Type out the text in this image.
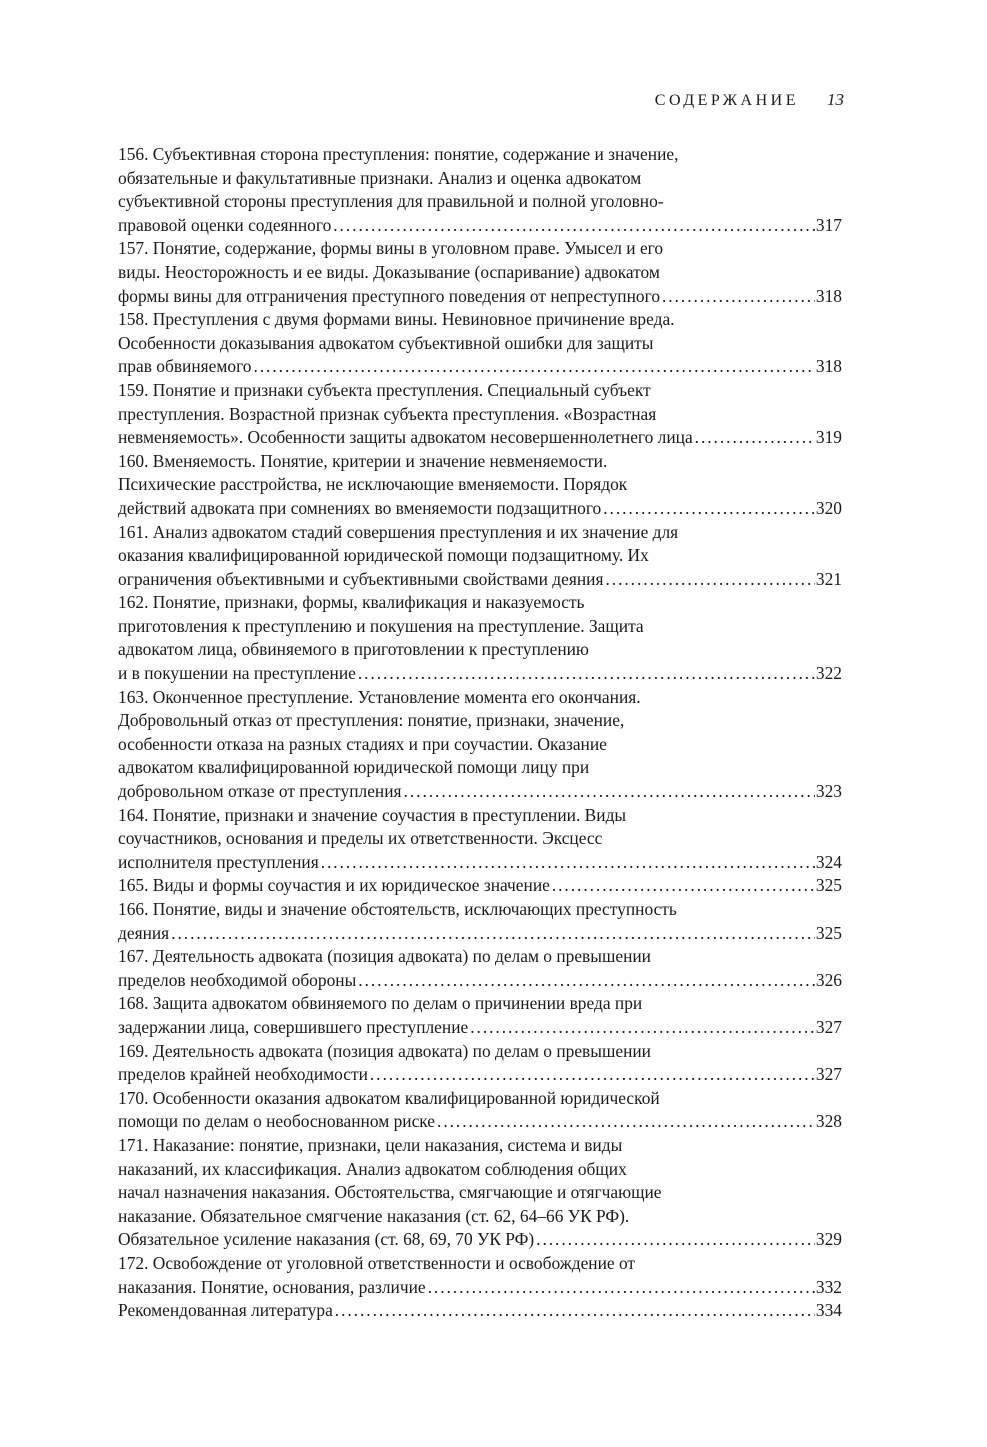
СОДЕРЖАНИЕ 13
156. Субъективная сторона преступления: понятие, содержание и значение,
обязательные и факультативные признаки. Анализ и оценка адвокатом
субъективной стороны преступления для правильной и полной уголовно-
правовой оценки содеянного . . .	317
157. Понятие, содержание, формы вины в уголовном праве. Умысел и его
виды. Неосторожность и ее виды. Доказывание (оспаривание) адвокатом
формы вины для отграничения преступного поведения от непреступного . . .	318
158. Преступления с двумя формами вины. Невиновное причинение вреда.
Особенности доказывания адвокатом субъективной ошибки для защиты
прав обвиняемого . . .	318
159. Понятие и признаки субъекта преступления. Специальный субъект
преступления. Возрастной признак субъекта преступления. «Возрастная
невменяемость». Особенности защиты адвокатом несовершеннолетнего лица . . .	319
160. Вменяемость. Понятие, критерии и значение невменяемости.
Психические расстройства, не исключающие вменяемости. Порядок
действий адвоката при сомнениях во вменяемости подзащитного . . .	320
161. Анализ адвокатом стадий совершения преступления и их значение для
оказания квалифицированной юридической помощи подзащитному. Их
ограничения объективными и субъективными свойствами деяния . . .	321
162. Понятие, признаки, формы, квалификация и наказуемость
приготовления к преступлению и покушения на преступление. Защита
адвокатом лица, обвиняемого в приготовлении к преступлению
и в покушении на преступление . . .	322
163. Оконченное преступление. Установление момента его окончания.
Добровольный отказ от преступления: понятие, признаки, значение,
особенности отказа на разных стадиях и при соучастии. Оказание
адвокатом квалифицированной юридической помощи лицу при
добровольном отказе от преступления . . .	323
164. Понятие, признаки и значение соучастия в преступлении. Виды
соучастников, основания и пределы их ответственности. Эксцесс
исполнителя преступления . . .	324
165. Виды и формы соучастия и их юридическое значение . . .	325
166. Понятие, виды и значение обстоятельств, исключающих преступность
деяния . . .	325
167. Деятельность адвоката (позиция адвоката) по делам о превышении
пределов необходимой обороны . . .	326
168. Защита адвокатом обвиняемого по делам о причинении вреда при
задержании лица, совершившего преступление . . .	327
169. Деятельность адвоката (позиция адвоката) по делам о превышении
пределов крайней необходимости . . .	327
170. Особенности оказания адвокатом квалифицированной юридической
помощи по делам о необоснованном риске . . .	328
171. Наказание: понятие, признаки, цели наказания, система и виды
наказаний, их классификация. Анализ адвокатом соблюдения общих
начал назначения наказания. Обстоятельства, смягчающие и отягчающие
наказание. Обязательное смягчение наказания (ст. 62, 64–66 УК РФ).
Обязательное усиление наказания (ст. 68, 69, 70 УК РФ) . . .	329
172. Освобождение от уголовной ответственности и освобождение от
наказания. Понятие, основания, различие . . .	332
Рекомендованная литература . . .	334
